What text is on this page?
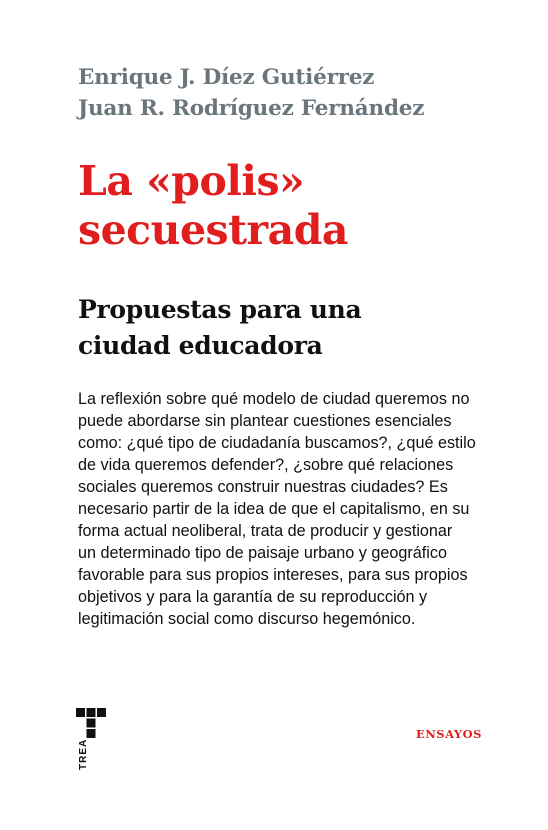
Enrique J. Díez Gutiérrez
Juan R. Rodríguez Fernández
La «polis»
secuestrada
Propuestas para una
ciudad educadora
La reflexión sobre qué modelo de ciudad queremos no
puede abordarse sin plantear cuestiones esenciales
como: ¿qué tipo de ciudadanía buscamos?, ¿qué estilo
de vida queremos defender?, ¿sobre qué relaciones
sociales queremos construir nuestras ciudades? Es
necesario partir de la idea de que el capitalismo, en su
forma actual neoliberal, trata de producir y gestionar
un determinado tipo de paisaje urbano y geográfico
favorable para sus propios intereses, para sus propios
objetivos y para la garantía de su reproducción y
legitimación social como discurso hegemónico.
TREA
ENSAYOS
